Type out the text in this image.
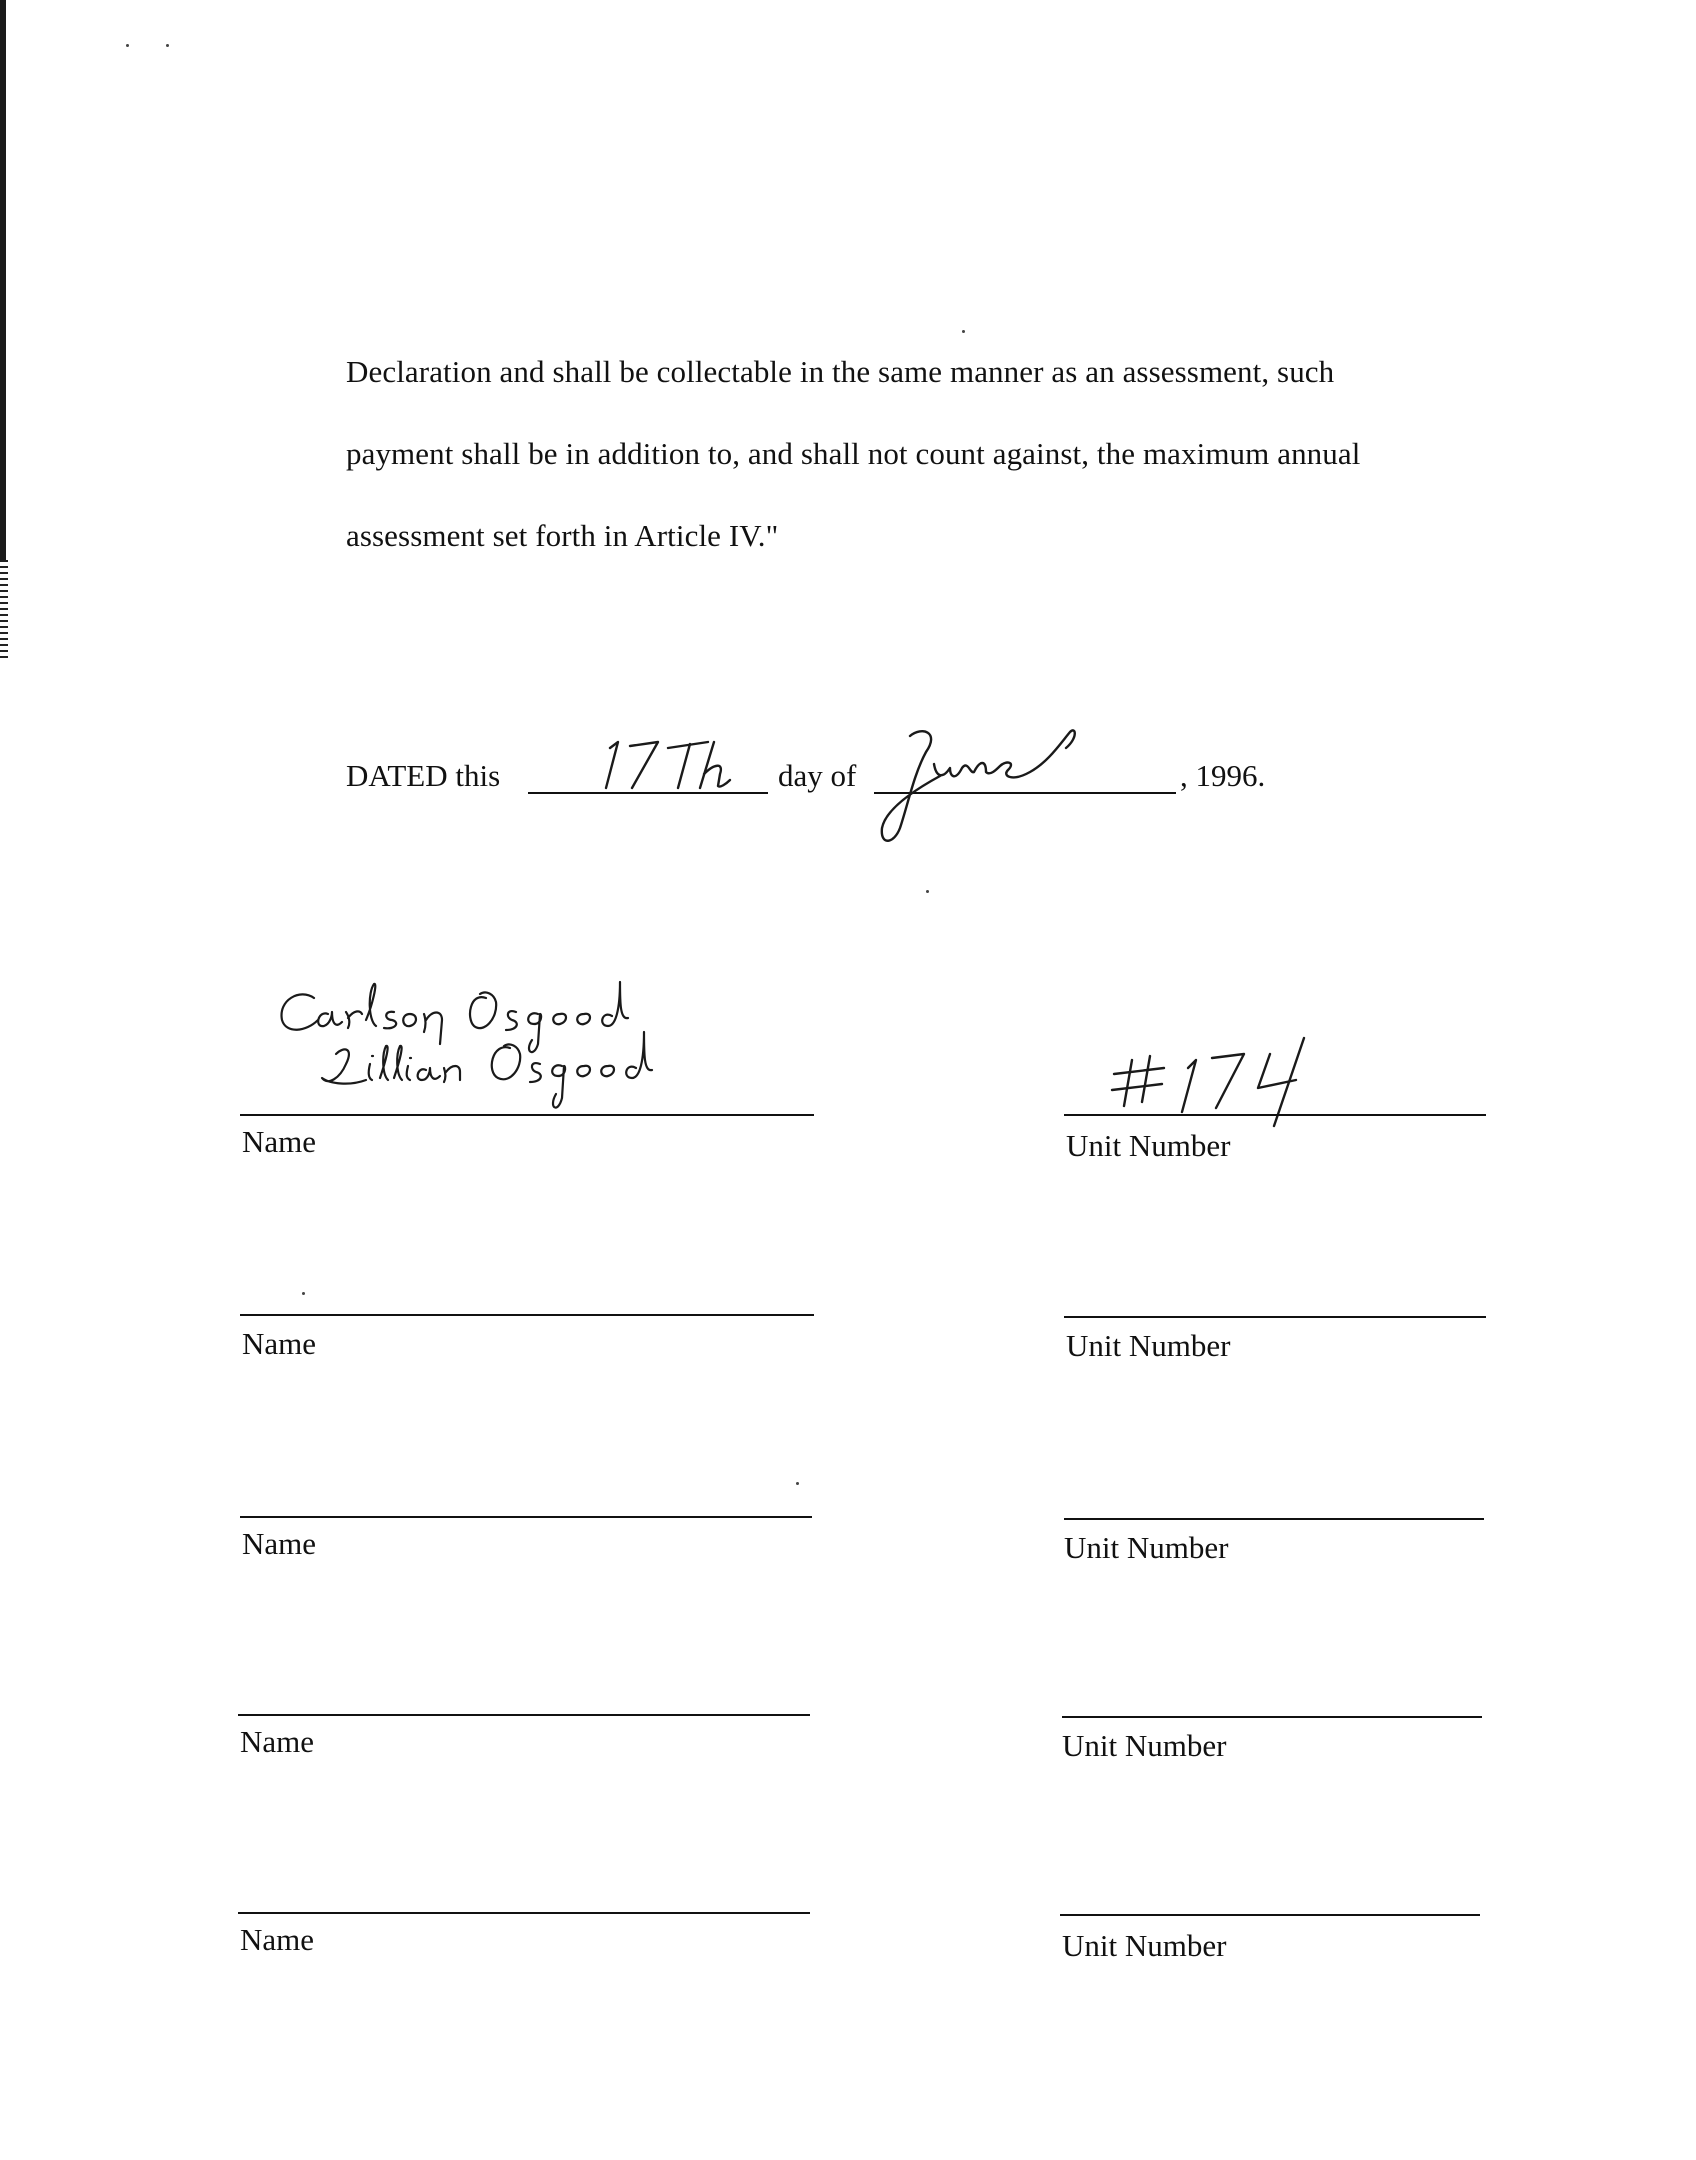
Declaration and shall be collectable in the same manner as an assessment, such
payment shall be in addition to, and shall not count against, the maximum annual
assessment set forth in Article IV."
DATED this	day of	, 1996.
Name	Unit Number
Name	Unit Number
Name	Unit Number
Name	Unit Number
Name	Unit Number
